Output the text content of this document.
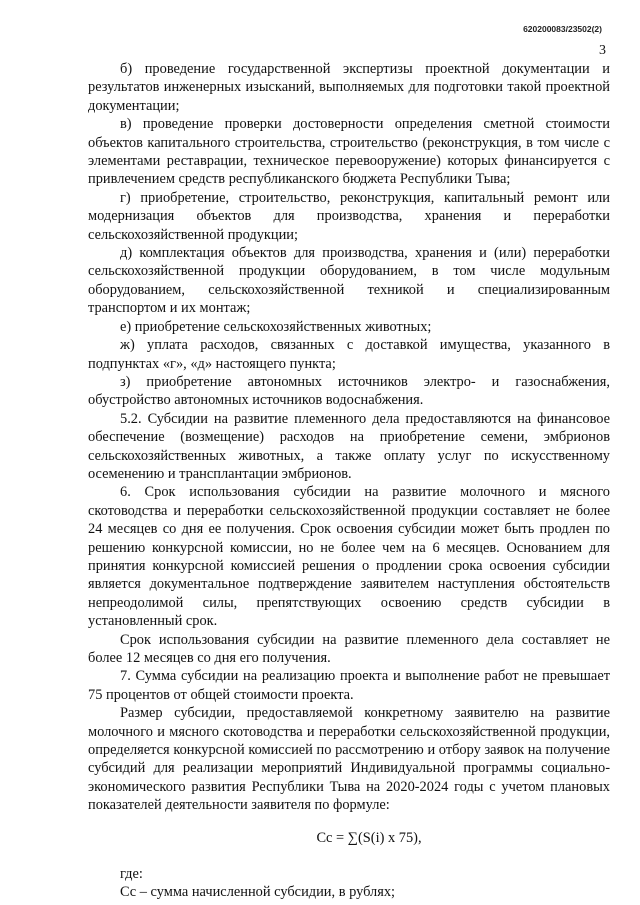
620200083/23502(2)
3

б) проведение государственной экспертизы проектной документации и результатов инженерных изысканий, выполняемых для подготовки такой проектной документации;

в) проведение проверки достоверности определения сметной стоимости объектов капитального строительства, строительство (реконструкция, в том числе с элементами реставрации, техническое перевооружение) которых финансируется с привлечением средств республиканского бюджета Республики Тыва;

г) приобретение, строительство, реконструкция, капитальный ремонт или модернизация объектов для производства, хранения и переработки сельскохозяйственной продукции;

д) комплектация объектов для производства, хранения и (или) переработки сельскохозяйственной продукции оборудованием, в том числе модульным оборудованием, сельскохозяйственной техникой и специализированным транспортом и их монтаж;

е) приобретение сельскохозяйственных животных;

ж) уплата расходов, связанных с доставкой имущества, указанного в подпунктах «г», «д» настоящего пункта;

з) приобретение автономных источников электро- и газоснабжения, обустройство автономных источников водоснабжения.

5.2. Субсидии на развитие племенного дела предоставляются на финансовое обеспечение (возмещение) расходов на приобретение семени, эмбрионов сельскохозяйственных животных, а также оплату услуг по искусственному осеменению и трансплантации эмбрионов.

6. Срок использования субсидии на развитие молочного и мясного скотоводства и переработки сельскохозяйственной продукции составляет не более 24 месяцев со дня ее получения. Срок освоения субсидии может быть продлен по решению конкурсной комиссии, но не более чем на 6 месяцев. Основанием для принятия конкурсной комиссией решения о продлении срока освоения субсидии является документальное подтверждение заявителем наступления обстоятельств непреодолимой силы, препятствующих освоению средств субсидии в установленный срок.

Срок использования субсидии на развитие племенного дела составляет не более 12 месяцев со дня его получения.

7. Сумма субсидии на реализацию проекта и выполнение работ не превышает 75 процентов от общей стоимости проекта.

Размер субсидии, предоставляемой конкретному заявителю на развитие молочного и мясного скотоводства и переработки сельскохозяйственной продукции, определяется конкурсной комиссией по рассмотрению и отбору заявок на получение субсидий для реализации мероприятий Индивидуальной программы социально-экономического развития Республики Тыва на 2020-2024 годы с учетом плановых показателей деятельности заявителя по формуле:

Cc = ∑(S(i) x 75),

где:

Сс – сумма начисленной субсидии, в рублях;
